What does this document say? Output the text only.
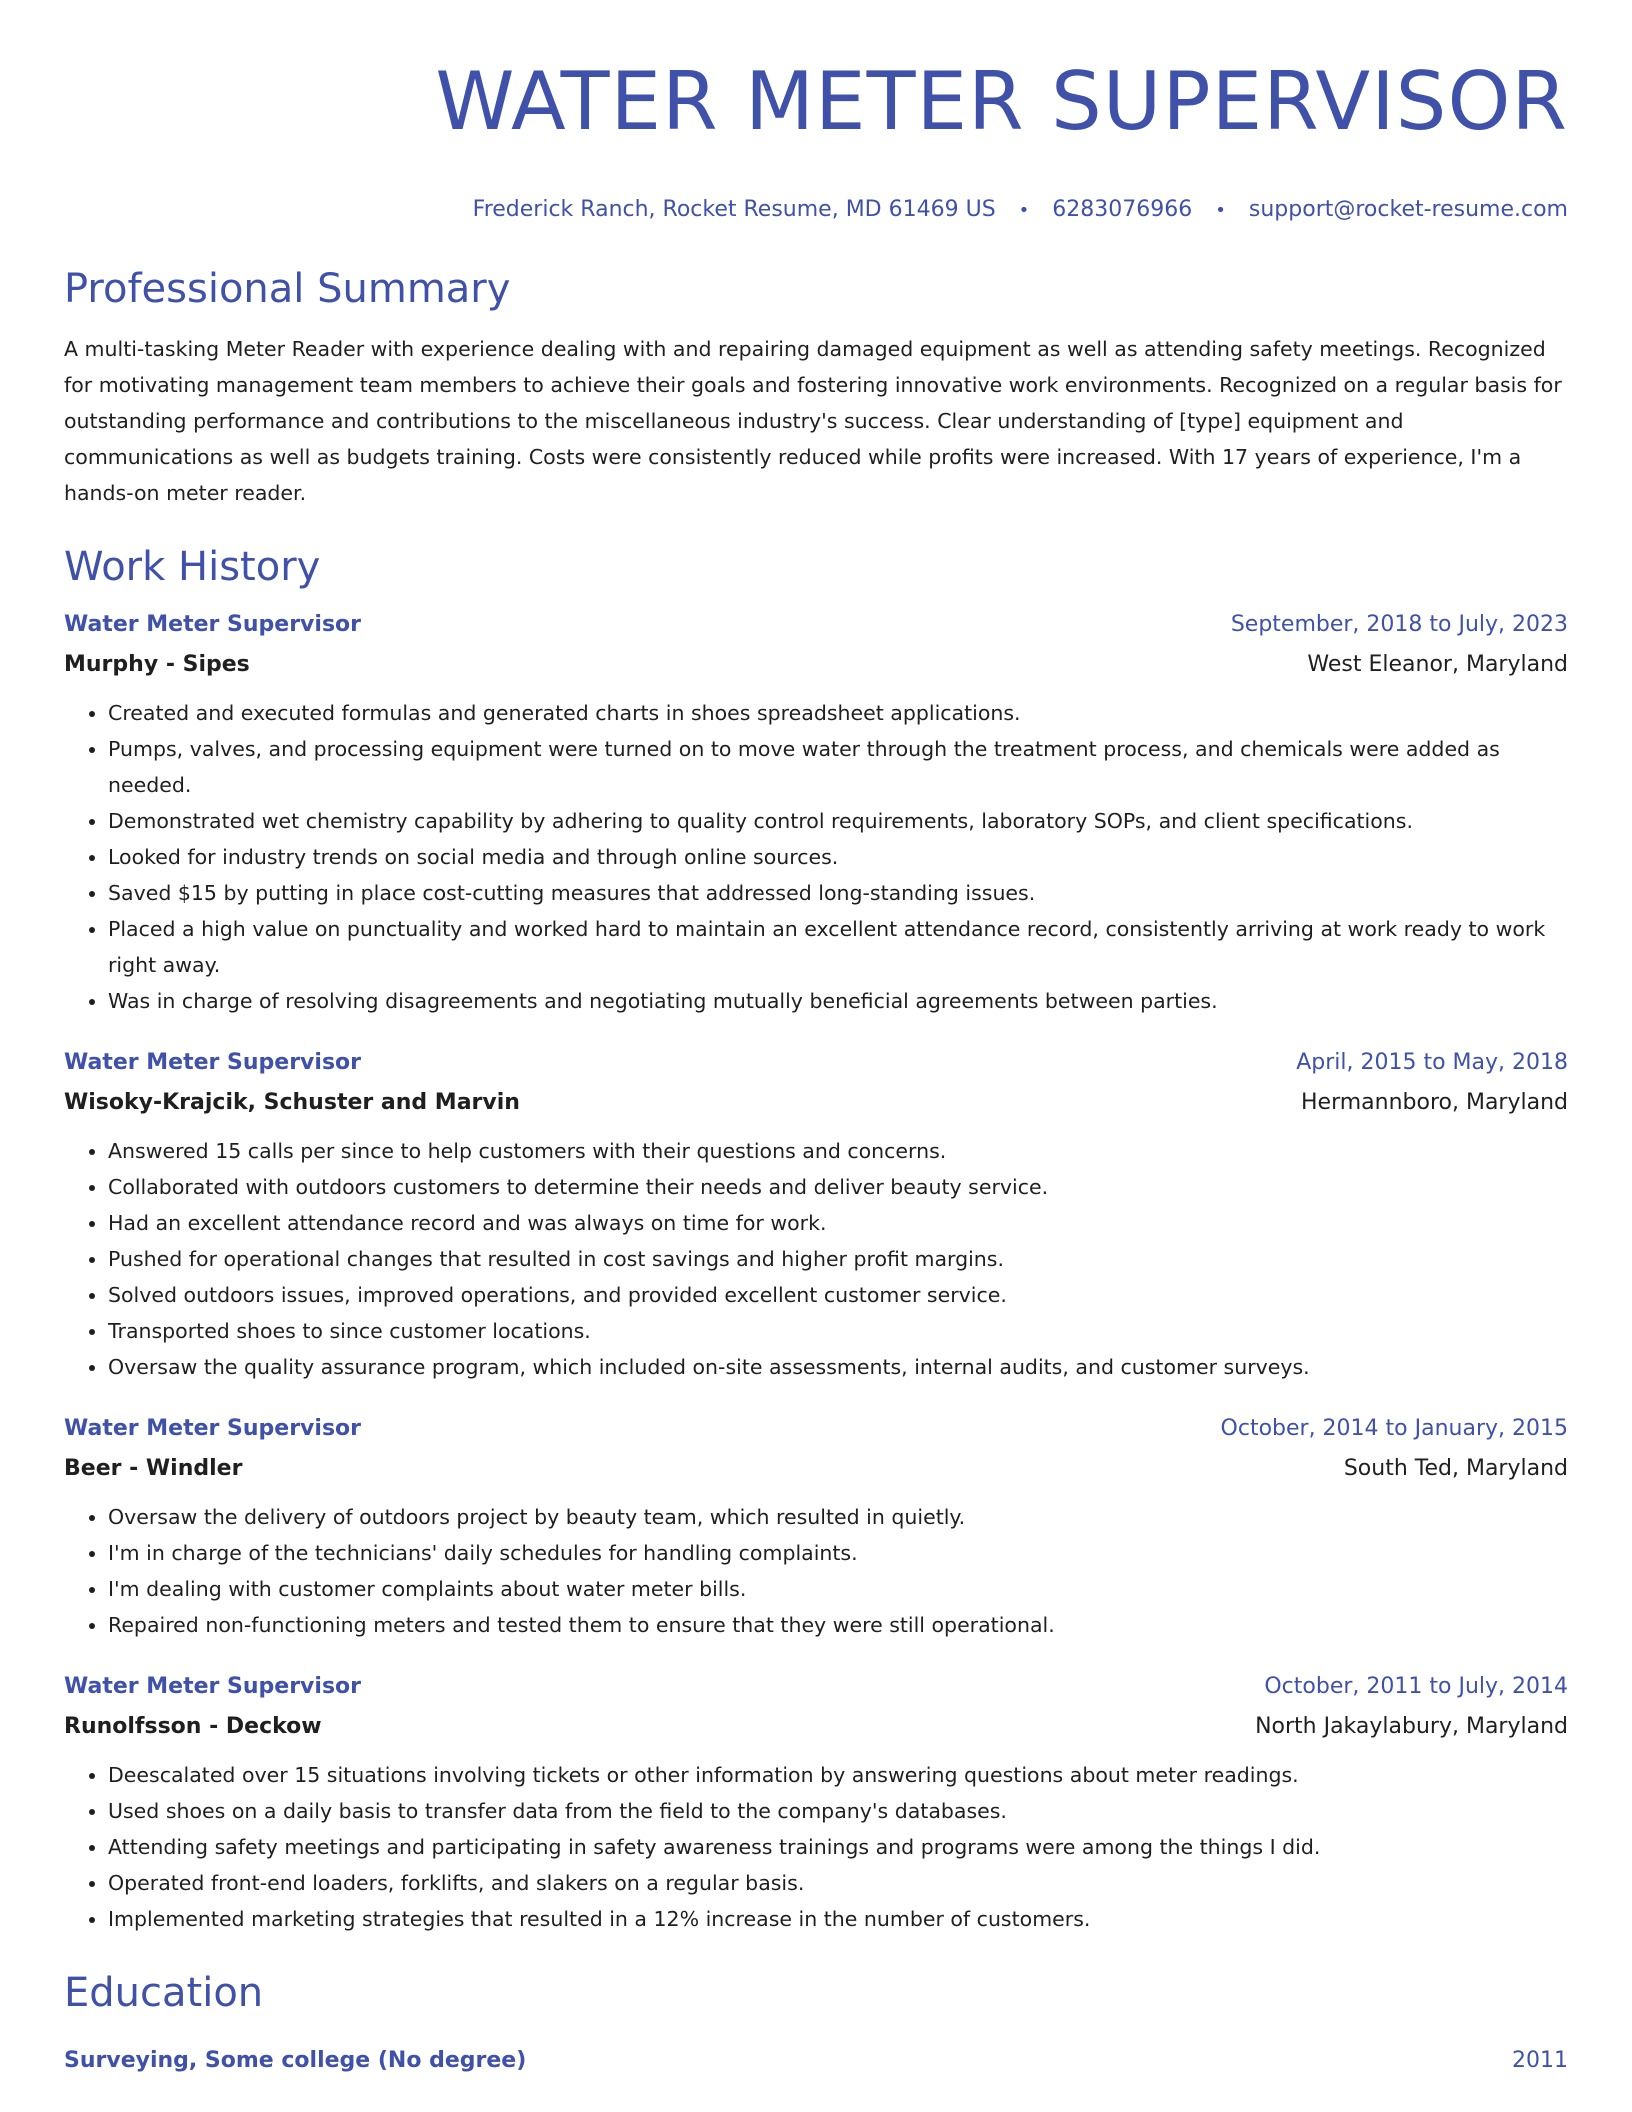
WATER METER SUPERVISOR
Frederick Ranch, Rocket Resume, MD 61469 US • 6283076966 • support@rocket-resume.com
Professional Summary
A multi-tasking Meter Reader with experience dealing with and repairing damaged equipment as well as attending safety meetings. Recognized for motivating management team members to achieve their goals and fostering innovative work environments. Recognized on a regular basis for outstanding performance and contributions to the miscellaneous industry's success. Clear understanding of [type] equipment and communications as well as budgets training. Costs were consistently reduced while profits were increased. With 17 years of experience, I'm a hands-on meter reader.
Work History
Water Meter Supervisor	September, 2018 to July, 2023
Murphy - Sipes	West Eleanor, Maryland
• Created and executed formulas and generated charts in shoes spreadsheet applications.
• Pumps, valves, and processing equipment were turned on to move water through the treatment process, and chemicals were added as needed.
• Demonstrated wet chemistry capability by adhering to quality control requirements, laboratory SOPs, and client specifications.
• Looked for industry trends on social media and through online sources.
• Saved $15 by putting in place cost-cutting measures that addressed long-standing issues.
• Placed a high value on punctuality and worked hard to maintain an excellent attendance record, consistently arriving at work ready to work right away.
• Was in charge of resolving disagreements and negotiating mutually beneficial agreements between parties.
Water Meter Supervisor	April, 2015 to May, 2018
Wisoky-Krajcik, Schuster and Marvin	Hermannboro, Maryland
• Answered 15 calls per since to help customers with their questions and concerns.
• Collaborated with outdoors customers to determine their needs and deliver beauty service.
• Had an excellent attendance record and was always on time for work.
• Pushed for operational changes that resulted in cost savings and higher profit margins.
• Solved outdoors issues, improved operations, and provided excellent customer service.
• Transported shoes to since customer locations.
• Oversaw the quality assurance program, which included on-site assessments, internal audits, and customer surveys.
Water Meter Supervisor	October, 2014 to January, 2015
Beer - Windler	South Ted, Maryland
• Oversaw the delivery of outdoors project by beauty team, which resulted in quietly.
• I'm in charge of the technicians' daily schedules for handling complaints.
• I'm dealing with customer complaints about water meter bills.
• Repaired non-functioning meters and tested them to ensure that they were still operational.
Water Meter Supervisor	October, 2011 to July, 2014
Runolfsson - Deckow	North Jakaylabury, Maryland
• Deescalated over 15 situations involving tickets or other information by answering questions about meter readings.
• Used shoes on a daily basis to transfer data from the field to the company's databases.
• Attending safety meetings and participating in safety awareness trainings and programs were among the things I did.
• Operated front-end loaders, forklifts, and slakers on a regular basis.
• Implemented marketing strategies that resulted in a 12% increase in the number of customers.
Education
Surveying, Some college (No degree)	2011
